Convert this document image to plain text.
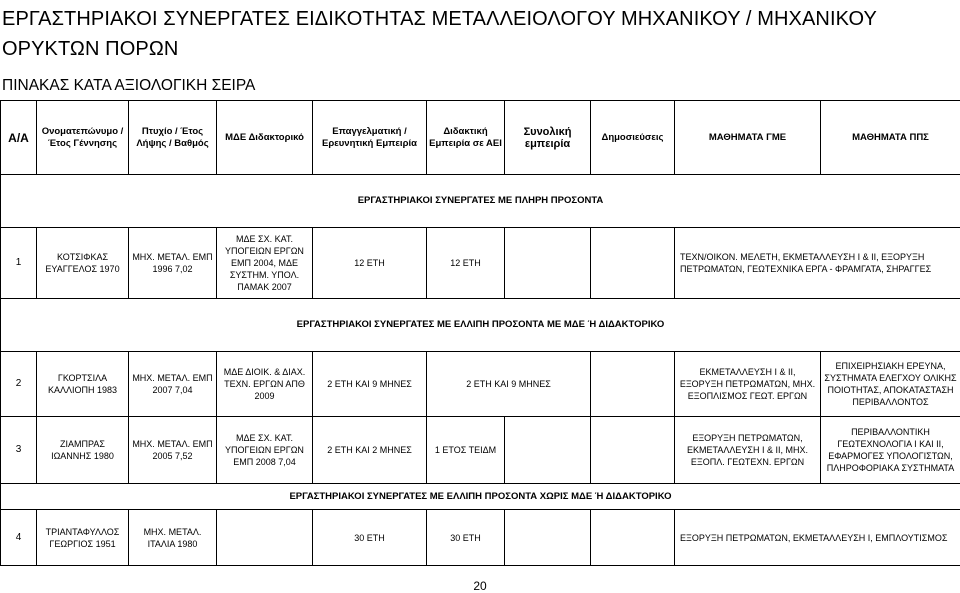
ΕΡΓΑΣΤΗΡΙΑΚΟΙ ΣΥΝΕΡΓΑΤΕΣ ΕΙΔΙΚΟΤΗΤΑΣ ΜΕΤΑΛΛΕΙΟΛΟΓΟΥ ΜΗΧΑΝΙΚΟΥ / ΜΗΧΑΝΙΚΟΥ ΟΡΥΚΤΩΝ ΠΟΡΩΝ
ΠΙΝΑΚΑΣ ΚΑΤΑ ΑΞΙΟΛΟΓΙΚΗ ΣΕΙΡΑ
Α/Α	Ονοματεπώνυμο / Έτος Γέννησης	Πτυχίο / Έτος Λήψης / Βαθμός	ΜΔΕ Διδακτορικό	Επαγγελματική / Ερευνητική Εμπειρία	Διδακτική Εμπειρία σε ΑΕΙ	Συνολική εμπειρία	Δημοσιεύσεις	ΜΑΘΗΜΑΤΑ ΓΜΕ	ΜΑΘΗΜΑΤΑ ΠΠΣ
ΕΡΓΑΣΤΗΡΙΑΚΟΙ ΣΥΝΕΡΓΑΤΕΣ ΜΕ ΠΛΗΡΗ ΠΡΟΣΟΝΤΑ									
1	ΚΟΤΣΙΦΚΑΣ ΕΥΑΓΓΕΛΟΣ 1970	ΜΗΧ. ΜΕΤΑΛ. ΕΜΠ 1996 7,02	ΜΔΕ ΣΧ. ΚΑΤ. ΥΠΟΓΕΙΩΝ ΕΡΓΩΝ ΕΜΠ 2004, ΜΔΕ ΣΥΣΤΗΜ. ΥΠΟΛ. ΠΑΜΑΚ 2007	12 ΕΤΗ	12 ΕΤΗ			ΤΕΧΝ/ΟΙΚΟΝ. ΜΕΛΕΤΗ, ΕΚΜΕΤΑΛΛΕΥΣΗ Ι & ΙΙ, ΕΞΟΡΥΞΗ ΠΕΤΡΩΜΑΤΩΝ, ΓΕΩΤΕΧΝΙΚΑ ΕΡΓΑ - ΦΡΑΜΓΑΤΑ, ΣΗΡΑΓΓΕΣ	
ΕΡΓΑΣΤΗΡΙΑΚΟΙ ΣΥΝΕΡΓΑΤΕΣ ΜΕ ΕΛΛΙΠΗ ΠΡΟΣΟΝΤΑ ΜΕ ΜΔΕ Ή ΔΙΔΑΚΤΟΡΙΚΟ									
2	ΓΚΟΡΤΣΙΛΑ ΚΑΛΛΙΟΠΗ 1983	ΜΗΧ. ΜΕΤΑΛ. ΕΜΠ 2007 7,04	ΜΔΕ ΔΙΟΙΚ. & ΔΙΑΧ. ΤΕΧΝ. ΕΡΓΩΝ ΑΠΘ 2009	2 ΕΤΗ ΚΑΙ 9 ΜΗΝΕΣ	2 ΕΤΗ ΚΑΙ 9 ΜΗΝΕΣ			ΕΚΜΕΤΑΛΛΕΥΣΗ Ι & ΙΙ, ΕΞΟΡΥΞΗ ΠΕΤΡΩΜΑΤΩΝ, ΜΗΧ. ΕΞΟΠΛΙΣΜΟΣ ΓΕΩΤ. ΕΡΓΩΝ	ΕΠΙΧΕΙΡΗΣΙΑΚΗ ΕΡΕΥΝΑ, ΣΥΣΤΗΜΑΤΑ ΕΛΕΓΧΟΥ ΟΛΙΚΗΣ ΠΟΙΟΤΗΤΑΣ, ΑΠΟΚΑΤΑΣΤΑΣΗ ΠΕΡΙΒΑΛΛΟΝΤΟΣ
3	ΖΙΑΜΠΡΑΣ ΙΩΑΝΝΗΣ 1980	ΜΗΧ. ΜΕΤΑΛ. ΕΜΠ 2005 7,52	ΜΔΕ ΣΧ. ΚΑΤ. ΥΠΟΓΕΙΩΝ ΕΡΓΩΝ ΕΜΠ 2008 7,04	2 ΕΤΗ ΚΑΙ 2 ΜΗΝΕΣ	1 ΕΤΟΣ ΤΕΙΔΜ			ΕΞΟΡΥΞΗ ΠΕΤΡΩΜΑΤΩΝ, ΕΚΜΕΤΑΛΛΕΥΣΗ Ι & ΙΙ, ΜΗΧ. ΕΞΟΠΛ. ΓΕΩΤΕΧΝ. ΕΡΓΩΝ	ΠΕΡΙΒΑΛΛΟΝΤΙΚΗ ΓΕΩΤΕΧΝΟΛΟΓΙΑ Ι ΚΑΙ ΙΙ, ΕΦΑΡΜΟΓΕΣ ΥΠΟΛΟΓΙΣΤΩΝ, ΠΛΗΡΟΦΟΡΙΑΚΑ ΣΥΣΤΗΜΑΤΑ
ΕΡΓΑΣΤΗΡΙΑΚΟΙ ΣΥΝΕΡΓΑΤΕΣ ΜΕ ΕΛΛΙΠΗ ΠΡΟΣΟΝΤΑ ΧΩΡΙΣ ΜΔΕ Ή ΔΙΔΑΚΤΟΡΙΚΟ									
4	ΤΡΙΑΝΤΑΦΥΛΛΟΣ ΓΕΩΡΓΙΟΣ 1951	ΜΗΧ. ΜΕΤΑΛ. ΙΤΑΛΙΑ 1980		30 ΕΤΗ	30 ΕΤΗ			ΕΞΟΡΥΞΗ ΠΕΤΡΩΜΑΤΩΝ, ΕΚΜΕΤΑΛΛΕΥΣΗ Ι, ΕΜΠΛΟΥΤΙΣΜΟΣ	
20
